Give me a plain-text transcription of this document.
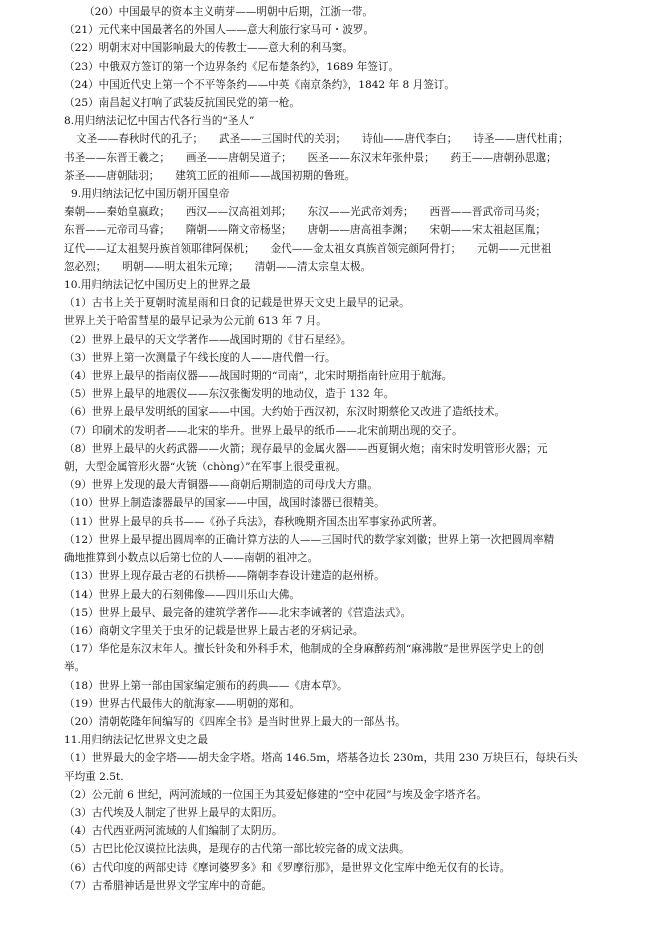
（20）中国最早的资本主义萌芽——明朝中后期，江浙一带。
（21）元代来中国最著名的外国人——意大利旅行家马可・波罗。
（22）明朝末对中国影响最大的传教士——意大利的利马窦。
（23）中俄双方签订的第一个边界条约《尼布楚条约》，1689 年签订。
（24）中国近代史上第一个不平等条约——中英《南京条约》，1842 年 8 月签订。
（25）南昌起义打响了武装反抗国民党的第一枪。
8.用归纳法记忆中国古代各行当的“圣人”
文圣——春秋时代的孔子；　　武圣——三国时代的关羽；　　诗仙——唐代李白；　　诗圣——唐代杜甫；
书圣——东晋王羲之；　　画圣——唐朝吴道子；　　医圣——东汉末年张仲景；　　药王——唐朝孙思邈；
茶圣——唐朝陆羽；　　建筑工匠的祖师——战国初期的鲁班。
9.用归纳法记忆中国历朝开国皇帝
秦朝——秦始皇嬴政；　　西汉——汉高祖刘邦；　　东汉——光武帝刘秀；　　西晋——晋武帝司马炎；
东晋——元帝司马睿；　　隋朝——隋文帝杨坚；　　唐朝——唐高祖李渊；　　宋朝——宋太祖赵匡胤；
辽代——辽太祖契丹族首领耶律阿保机；　　金代——金太祖女真族首领完颜阿骨打；　　元朝——元世祖
忽必烈；　　明朝——明太祖朱元璋；　　清朝——清太宗皇太极。
10.用归纳法记忆中国历史上的世界之最
（1）古书上关于夏朝时流星雨和日食的记载是世界天文史上最早的记录。
世界上关于哈雷彗星的最早记录为公元前 613 年 7 月。
（2）世界上最早的天文学著作——战国时期的《甘石星经》。
（3）世界上第一次测量子午线长度的人——唐代僧一行。
（4）世界上最早的指南仪器——战国时期的“司南”，北宋时期指南针应用于航海。
（5）世界上最早的地震仪——东汉张衡发明的地动仪，造于 132 年。
（6）世界上最早发明纸的国家——中国。大约始于西汉初，东汉时期蔡伦又改进了造纸技术。
（7）印刷术的发明者——北宋的毕升。世界上最早的纸币——北宋前期出现的交子。
（8）世界上最早的火药武器——火箭；现存最早的金属火器——西夏铜火炮；南宋时发明管形火器；元
朝，大型金属管形火器“火铳（chòng）”在军事上很受重视。
（9）世界上发现的最大青铜器——商朝后期制造的司母戊大方鼎。
（10）世界上制造漆器最早的国家——中国，战国时漆器已很精美。
（11）世界上最早的兵书——《孙子兵法》，春秋晚期齐国杰出军事家孙武所著。
（12）世界上最早提出圆周率的正确计算方法的人——三国时代的数学家刘徽；世界上第一次把圆周率精
确地推算到小数点以后第七位的人——南朝的祖冲之。
（13）世界上现存最古老的石拱桥——隋朝李春设计建造的赵州桥。
（14）世界上最大的石刻佛像——四川乐山大佛。
（15）世界上最早、最完备的建筑学著作——北宋李诫著的《营造法式》。
（16）商朝文字里关于虫牙的记载是世界上最古老的牙病记录。
（17）华佗是东汉末年人。擅长针灸和外科手术，他制成的全身麻醉药剂“麻沸散”是世界医学史上的创
举。
（18）世界上第一部由国家编定颁布的药典——《唐本草》。
（19）世界古代最伟大的航海家——明朝的郑和。
（20）清朝乾隆年间编写的《四库全书》是当时世界上最大的一部丛书。
11.用归纳法记忆世界文史之最
（1）世界最大的金字塔——胡夫金字塔。塔高 146.5m，塔基各边长 230m，共用 230 万块巨石，每块石头
平均重 2.5t.
（2）公元前 6 世纪，两河流域的一位国王为其爱妃修建的“空中花园”与埃及金字塔齐名。
（3）古代埃及人制定了世界上最早的太阳历。
（4）古代西亚两河流域的人们编制了太阴历。
（5）古巴比伦汉谟拉比法典，是现存的古代第一部比较完备的成文法典。
（6）古代印度的两部史诗《摩诃婆罗多》和《罗摩衍那》，是世界文化宝库中绝无仅有的长诗。
（7）古希腊神话是世界文学宝库中的奇葩。
